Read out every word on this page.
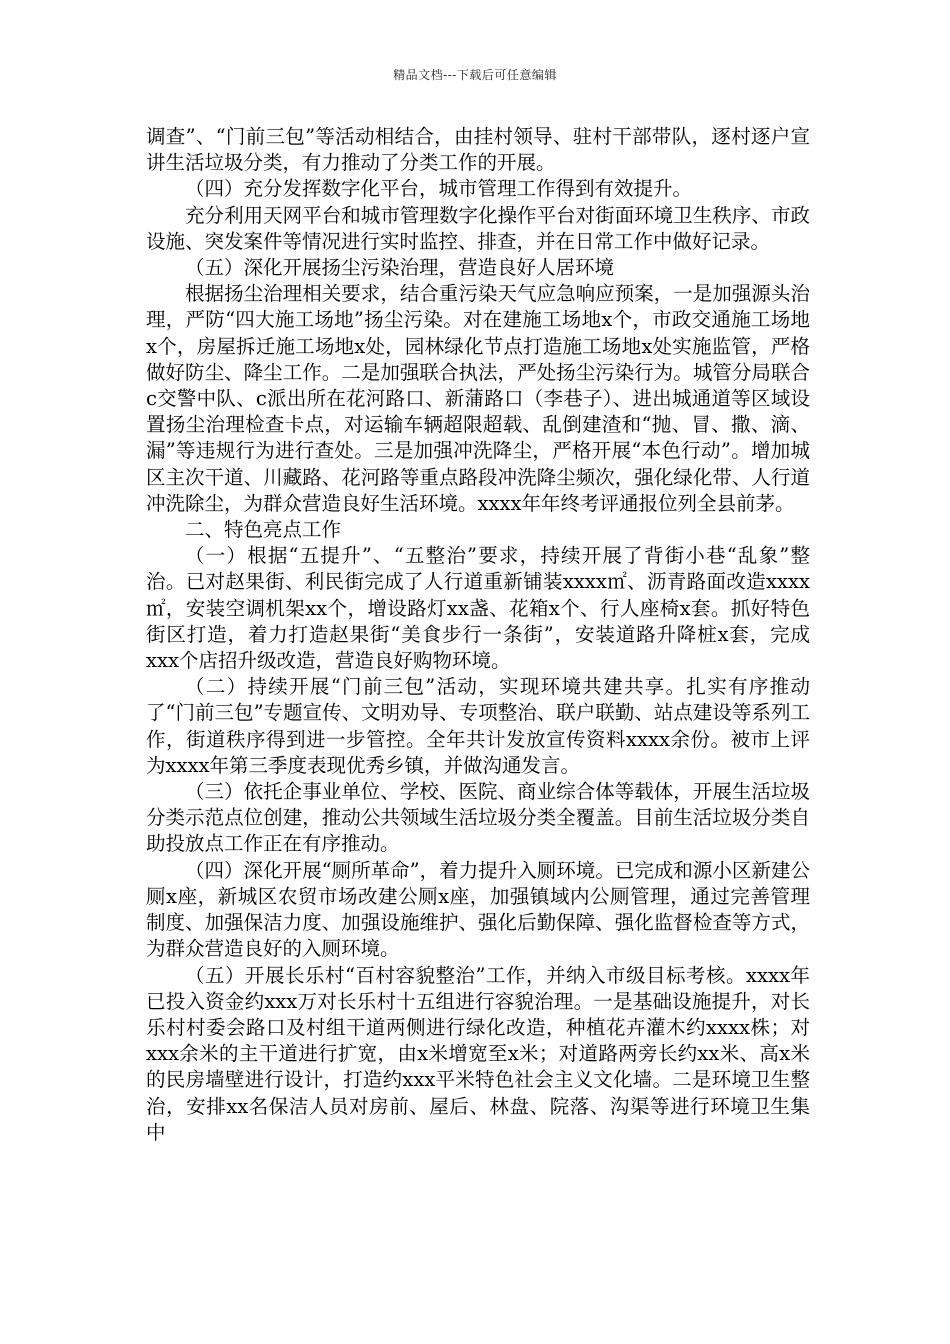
精品文档---下载后可任意编辑

调查”、“门前三包”等活动相结合，由挂村领导、驻村干部带队，逐村逐户宣讲生活垃圾分类，有力推动了分类工作的开展。

（四）充分发挥数字化平台，城市管理工作得到有效提升。

充分利用天网平台和城市管理数字化操作平台对街面环境卫生秩序、市政设施、突发案件等情况进行实时监控、排查，并在日常工作中做好记录。

（五）深化开展扬尘污染治理，营造良好人居环境

根据扬尘治理相关要求，结合重污染天气应急响应预案，一是加强源头治理，严防“四大施工场地”扬尘污染。对在建施工场地x个，市政交通施工场地x个，房屋拆迁施工场地x处，园林绿化节点打造施工场地x处实施监管，严格做好防尘、降尘工作。二是加强联合执法，严处扬尘污染行为。城管分局联合c交警中队、c派出所在花河路口、新蒲路口（李巷子）、进出城通道等区域设置扬尘治理检查卡点，对运输车辆超限超载、乱倒建渣和“抛、冒、撒、滴、漏”等违规行为进行查处。三是加强冲洗降尘，严格开展“本色行动”。增加城区主次干道、川藏路、花河路等重点路段冲洗降尘频次，强化绿化带、人行道冲洗除尘，为群众营造良好生活环境。xxxx年年终考评通报位列全县前茅。

二、特色亮点工作

（一）根据“五提升”、“五整治”要求，持续开展了背街小巷“乱象”整治。已对赵果街、利民街完成了人行道重新铺装xxxx㎡、沥青路面改造xxxx㎡，安装空调机架xx个，增设路灯xx盏、花箱x个、行人座椅x套。抓好特色街区打造，着力打造赵果街“美食步行一条街”，安装道路升降桩x套，完成xxx个店招升级改造，营造良好购物环境。

（二）持续开展“门前三包”活动，实现环境共建共享。扎实有序推动了“门前三包”专题宣传、文明劝导、专项整治、联户联勤、站点建设等系列工作，街道秩序得到进一步管控。全年共计发放宣传资料xxxx余份。被市上评为xxxx年第三季度表现优秀乡镇，并做沟通发言。

（三）依托企事业单位、学校、医院、商业综合体等载体，开展生活垃圾分类示范点位创建，推动公共领域生活垃圾分类全覆盖。目前生活垃圾分类自助投放点工作正在有序推动。

（四）深化开展“厕所革命”，着力提升入厕环境。已完成和源小区新建公厕x座，新城区农贸市场改建公厕x座，加强镇域内公厕管理，通过完善管理制度、加强保洁力度、加强设施维护、强化后勤保障、强化监督检查等方式，为群众营造良好的入厕环境。

（五）开展长乐村“百村容貌整治”工作，并纳入市级目标考核。xxxx年已投入资金约xxx万对长乐村十五组进行容貌治理。一是基础设施提升，对长乐村村委会路口及村组干道两侧进行绿化改造，种植花卉灌木约xxxx株；对xxx余米的主干道进行扩宽，由x米增宽至x米；对道路两旁长约xx米、高x米的民房墙壁进行设计，打造约xxx平米特色社会主义文化墙。二是环境卫生整治，安排xx名保洁人员对房前、屋后、林盘、院落、沟渠等进行环境卫生集中
